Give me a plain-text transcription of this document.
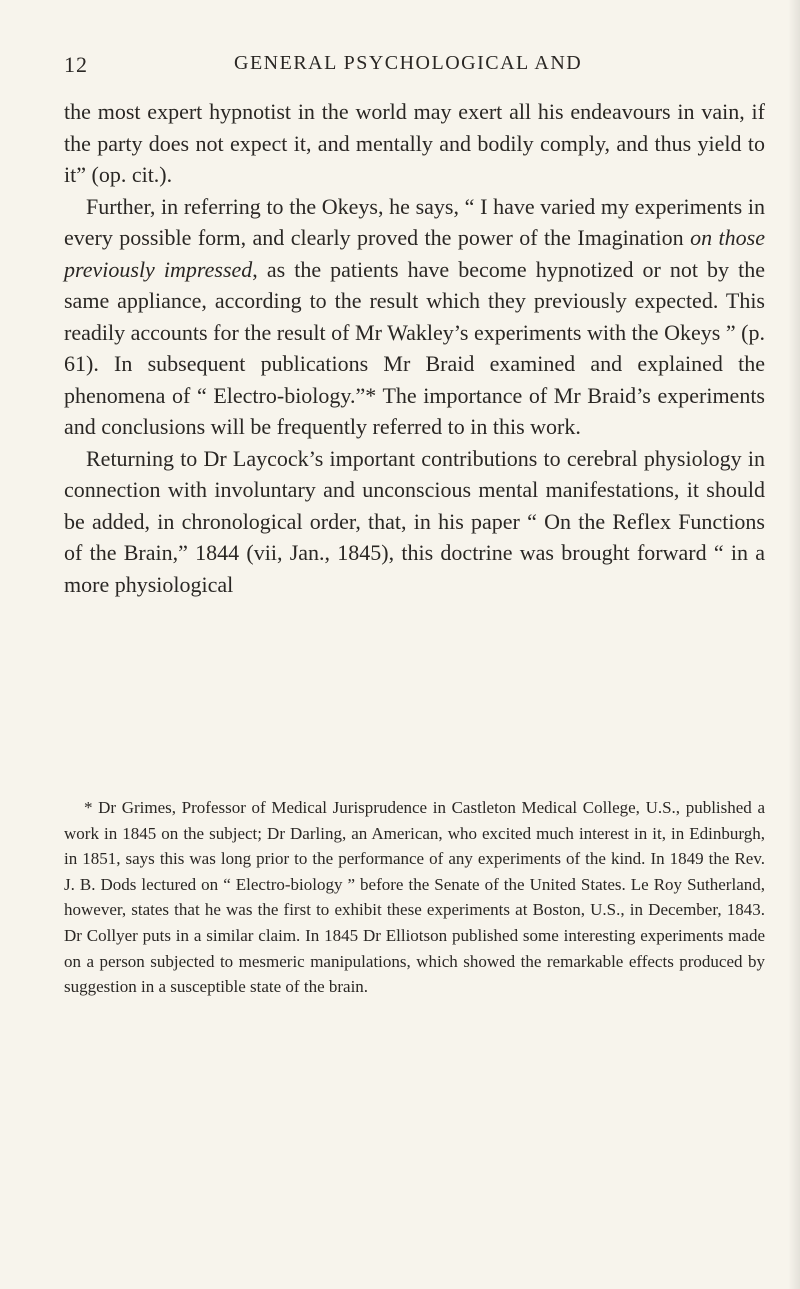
12	GENERAL PSYCHOLOGICAL AND

the most expert hypnotist in the world may exert all his endeavours in vain, if the party does not expect it, and mentally and bodily comply, and thus yield to it” (op. cit.).

Further, in referring to the Okeys, he says, “ I have varied my experiments in every possible form, and clearly proved the power of the Imagination on those previously impressed, as the patients have become hypnotized or not by the same appliance, according to the result which they previously expected. This readily accounts for the result of Mr Wakley’s experiments with the Okeys ” (p. 61). In subsequent publications Mr Braid examined and explained the phenomena of “ Electro-biology.”* The importance of Mr Braid’s experiments and conclusions will be frequently referred to in this work.

Returning to Dr Laycock’s important contributions to cerebral physiology in connection with involuntary and unconscious mental manifestations, it should be added, in chronological order, that, in his paper “ On the Reflex Functions of the Brain,” 1844 (vii, Jan., 1845), this doctrine was brought forward “ in a more physiological

* Dr Grimes, Professor of Medical Jurisprudence in Castleton Medical College, U.S., published a work in 1845 on the subject; Dr Darling, an American, who excited much interest in it, in Edinburgh, in 1851, says this was long prior to the performance of any experiments of the kind. In 1849 the Rev. J. B. Dods lectured on “ Electro-biology ” before the Senate of the United States. Le Roy Sutherland, however, states that he was the first to exhibit these experiments at Boston, U.S., in December, 1843. Dr Collyer puts in a similar claim. In 1845 Dr Elliotson published some interesting experiments made on a person subjected to mesmeric manipulations, which showed the remarkable effects produced by suggestion in a susceptible state of the brain.
